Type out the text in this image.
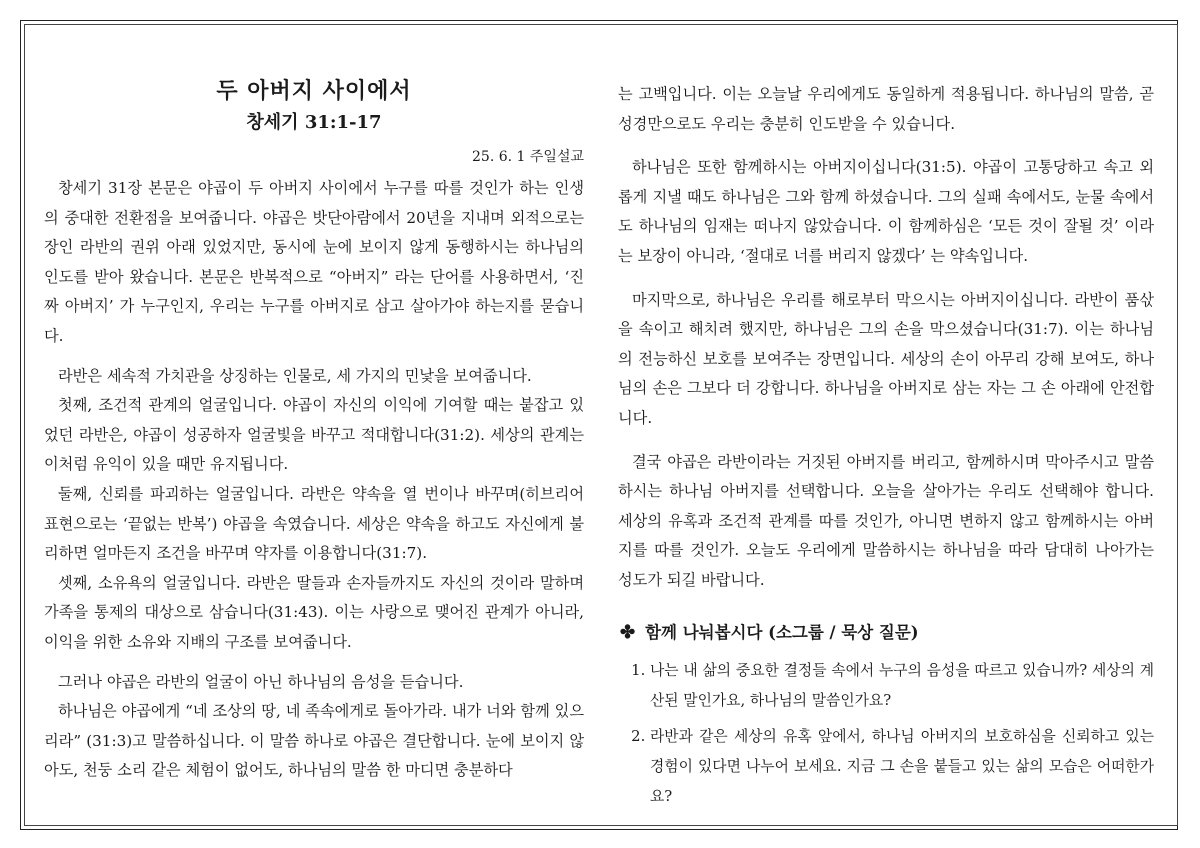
두 아버지 사이에서
창세기 31:1-17
25. 6. 1 주일설교

창세기 31장 본문은 야곱이 두 아버지 사이에서 누구를 따를 것인가 하는 인생의 중대한 전환점을 보여줍니다. 야곱은 밧단아람에서 20년을 지내며 외적으로는 장인 라반의 권위 아래 있었지만, 동시에 눈에 보이지 않게 동행하시는 하나님의 인도를 받아 왔습니다. 본문은 반복적으로 “아버지” 라는 단어를 사용하면서, ‘진짜 아버지’ 가 누구인지, 우리는 누구를 아버지로 삼고 살아가야 하는지를 묻습니다.

라반은 세속적 가치관을 상징하는 인물로, 세 가지의 민낯을 보여줍니다.

첫째, 조건적 관계의 얼굴입니다. 야곱이 자신의 이익에 기여할 때는 붙잡고 있었던 라반은, 야곱이 성공하자 얼굴빛을 바꾸고 적대합니다(31:2). 세상의 관계는 이처럼 유익이 있을 때만 유지됩니다.

둘째, 신뢰를 파괴하는 얼굴입니다. 라반은 약속을 열 번이나 바꾸며(히브리어 표현으로는 ‘끝없는 반복’) 야곱을 속였습니다. 세상은 약속을 하고도 자신에게 불리하면 얼마든지 조건을 바꾸며 약자를 이용합니다(31:7).

셋째, 소유욕의 얼굴입니다. 라반은 딸들과 손자들까지도 자신의 것이라 말하며 가족을 통제의 대상으로 삼습니다(31:43). 이는 사랑으로 맺어진 관계가 아니라, 이익을 위한 소유와 지배의 구조를 보여줍니다.

그러나 야곱은 라반의 얼굴이 아닌 하나님의 음성을 듣습니다.

하나님은 야곱에게 “네 조상의 땅, 네 족속에게로 돌아가라. 내가 너와 함께 있으리라” (31:3)고 말씀하십니다. 이 말씀 하나로 야곱은 결단합니다. 눈에 보이지 않아도, 천둥 소리 같은 체험이 없어도, 하나님의 말씀 한 마디면 충분하다

는 고백입니다. 이는 오늘날 우리에게도 동일하게 적용됩니다. 하나님의 말씀, 곧 성경만으로도 우리는 충분히 인도받을 수 있습니다.

하나님은 또한 함께하시는 아버지이십니다(31:5). 야곱이 고통당하고 속고 외롭게 지낼 때도 하나님은 그와 함께 하셨습니다. 그의 실패 속에서도, 눈물 속에서도 하나님의 임재는 떠나지 않았습니다. 이 함께하심은 ‘모든 것이 잘될 것’ 이라는 보장이 아니라, ‘절대로 너를 버리지 않겠다’ 는 약속입니다.

마지막으로, 하나님은 우리를 해로부터 막으시는 아버지이십니다. 라반이 품삯을 속이고 해치려 했지만, 하나님은 그의 손을 막으셨습니다(31:7). 이는 하나님의 전능하신 보호를 보여주는 장면입니다. 세상의 손이 아무리 강해 보여도, 하나님의 손은 그보다 더 강합니다. 하나님을 아버지로 삼는 자는 그 손 아래에 안전합니다.

결국 야곱은 라반이라는 거짓된 아버지를 버리고, 함께하시며 막아주시고 말씀하시는 하나님 아버지를 선택합니다. 오늘을 살아가는 우리도 선택해야 합니다. 세상의 유혹과 조건적 관계를 따를 것인가, 아니면 변하지 않고 함께하시는 아버지를 따를 것인가. 오늘도 우리에게 말씀하시는 하나님을 따라 담대히 나아가는 성도가 되길 바랍니다.

✤ 함께 나눠봅시다 (소그룹 / 묵상 질문)
1. 나는 내 삶의 중요한 결정들 속에서 누구의 음성을 따르고 있습니까? 세상의 계산된 말인가요, 하나님의 말씀인가요?
2. 라반과 같은 세상의 유혹 앞에서, 하나님 아버지의 보호하심을 신뢰하고 있는 경험이 있다면 나누어 보세요. 지금 그 손을 붙들고 있는 삶의 모습은 어떠한가요?
